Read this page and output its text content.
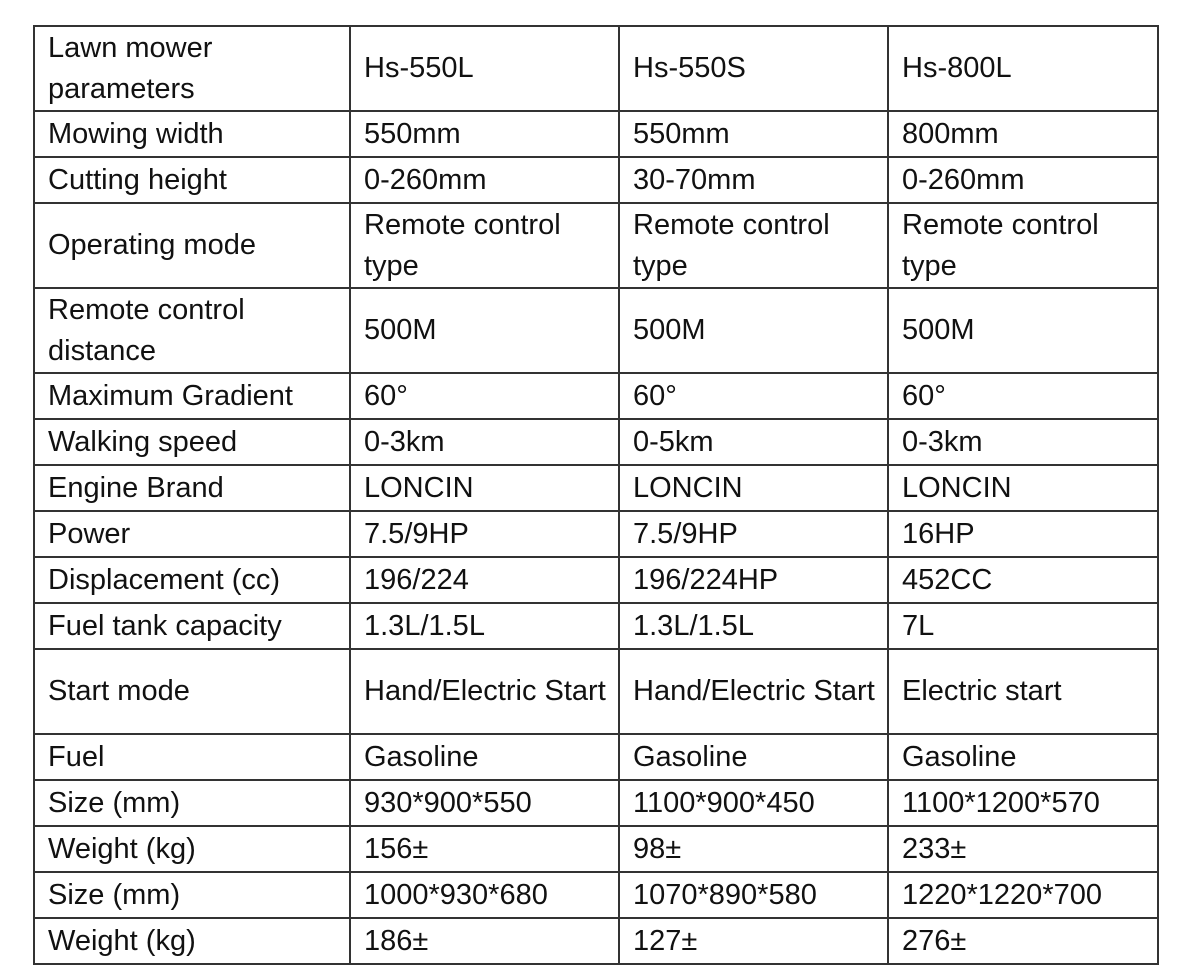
Lawn mower parameters	Hs-550L	Hs-550S	Hs-800L
Mowing width	550mm	550mm	800mm
Cutting height	0-260mm	30-70mm	0-260mm
Operating mode	Remote control type	Remote control type	Remote control type
Remote control distance	500M	500M	500M
Maximum Gradient	60°	60°	60°
Walking speed	0-3km	0-5km	0-3km
Engine Brand	LONCIN	LONCIN	LONCIN
Power	7.5/9HP	7.5/9HP	16HP
Displacement (cc)	196/224	196/224HP	452CC
Fuel tank capacity	1.3L/1.5L	1.3L/1.5L	7L
Start mode	Hand/Electric Start	Hand/Electric Start	Electric start
Fuel	Gasoline	Gasoline	Gasoline
Size (mm)	930*900*550	1100*900*450	1100*1200*570
Weight (kg)	156±	98±	233±
Size (mm)	1000*930*680	1070*890*580	1220*1220*700
Weight (kg)	186±	127±	276±
